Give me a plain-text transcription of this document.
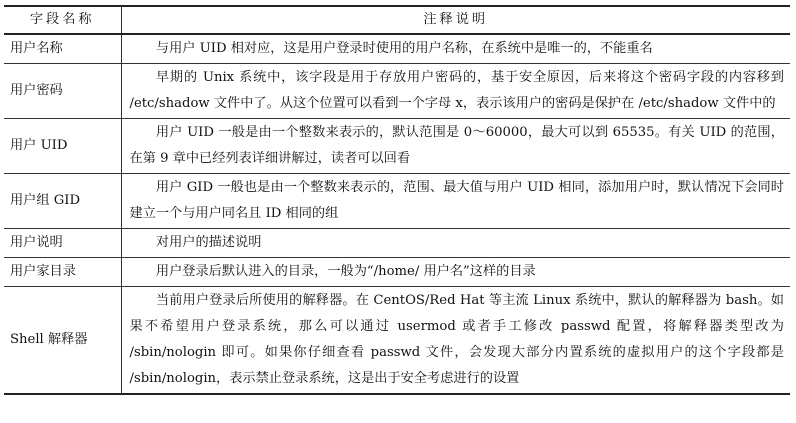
字段名称	注释说明
用户名称	与用户 UID 相对应，这是用户登录时使用的用户名称，在系统中是唯一的，不能重名

用户密码	早期的 Unix 系统中，该字段是用于存放用户密码的，基于安全原因，后来将这个密码字段的内容移到 /etc/shadow 文件中了。从这个位置可以看到一个字母 x，表示该用户的密码是保护在 /etc/shadow 文件中的

用户 UID	用户 UID 一般是由一个整数来表示的，默认范围是 0～60000，最大可以到 65535。有关 UID 的范围，在第 9 章中已经列表详细讲解过，读者可以回看

用户组 GID	用户 GID 一般也是由一个整数来表示的，范围、最大值与用户 UID 相同，添加用户时，默认情况下会同时建立一个与用户同名且 ID 相同的组

用户说明	对用户的描述说明

用户家目录	用户登录后默认进入的目录，一般为“/home/ 用户名”这样的目录

Shell 解释器	当前用户登录后所使用的解释器。在 CentOS/Red Hat 等主流 Linux 系统中，默认的解释器为 bash。如果不希望用户登录系统，那么可以通过 usermod 或者手工修改 passwd 配置，将解释器类型改为 /sbin/nologin 即可。如果你仔细查看 passwd 文件，会发现大部分内置系统的虚拟用户的这个字段都是 /sbin/nologin，表示禁止登录系统，这是出于安全考虑进行的设置
